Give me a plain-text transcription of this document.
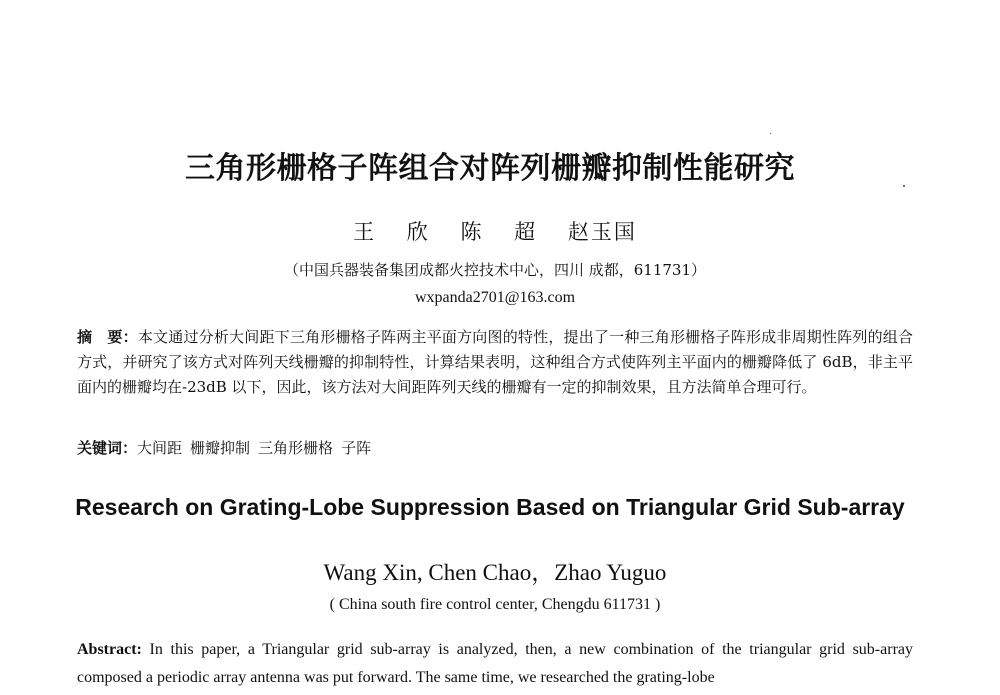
三角形栅格子阵组合对阵列栅瓣抑制性能研究

王 欣 陈 超 赵玉国

（中国兵器装备集团成都火控技术中心，四川 成都，611731）

wxpanda2701@163.com

摘　要：本文通过分析大间距下三角形栅格子阵两主平面方向图的特性，提出了一种三角形栅格子阵形成非周期性阵列的组合方式，并研究了该方式对阵列天线栅瓣的抑制特性，计算结果表明，这种组合方式使阵列主平面内的栅瓣降低了 6dB，非主平面内的栅瓣均在-23dB 以下，因此，该方法对大间距阵列天线的栅瓣有一定的抑制效果，且方法简单合理可行。

关键词：大间距 栅瓣抑制 三角形栅格 子阵

Research on Grating-Lobe Suppression Based on Triangular Grid Sub-array

Wang Xin, Chen Chao，Zhao Yuguo

( China south fire control center, Chengdu 611731 )

Abstract: In this paper, a Triangular grid sub-array is analyzed, then, a new combination of the triangular grid sub-array composed a periodic array antenna was put forward. The same time, we researched the grating-lobe
